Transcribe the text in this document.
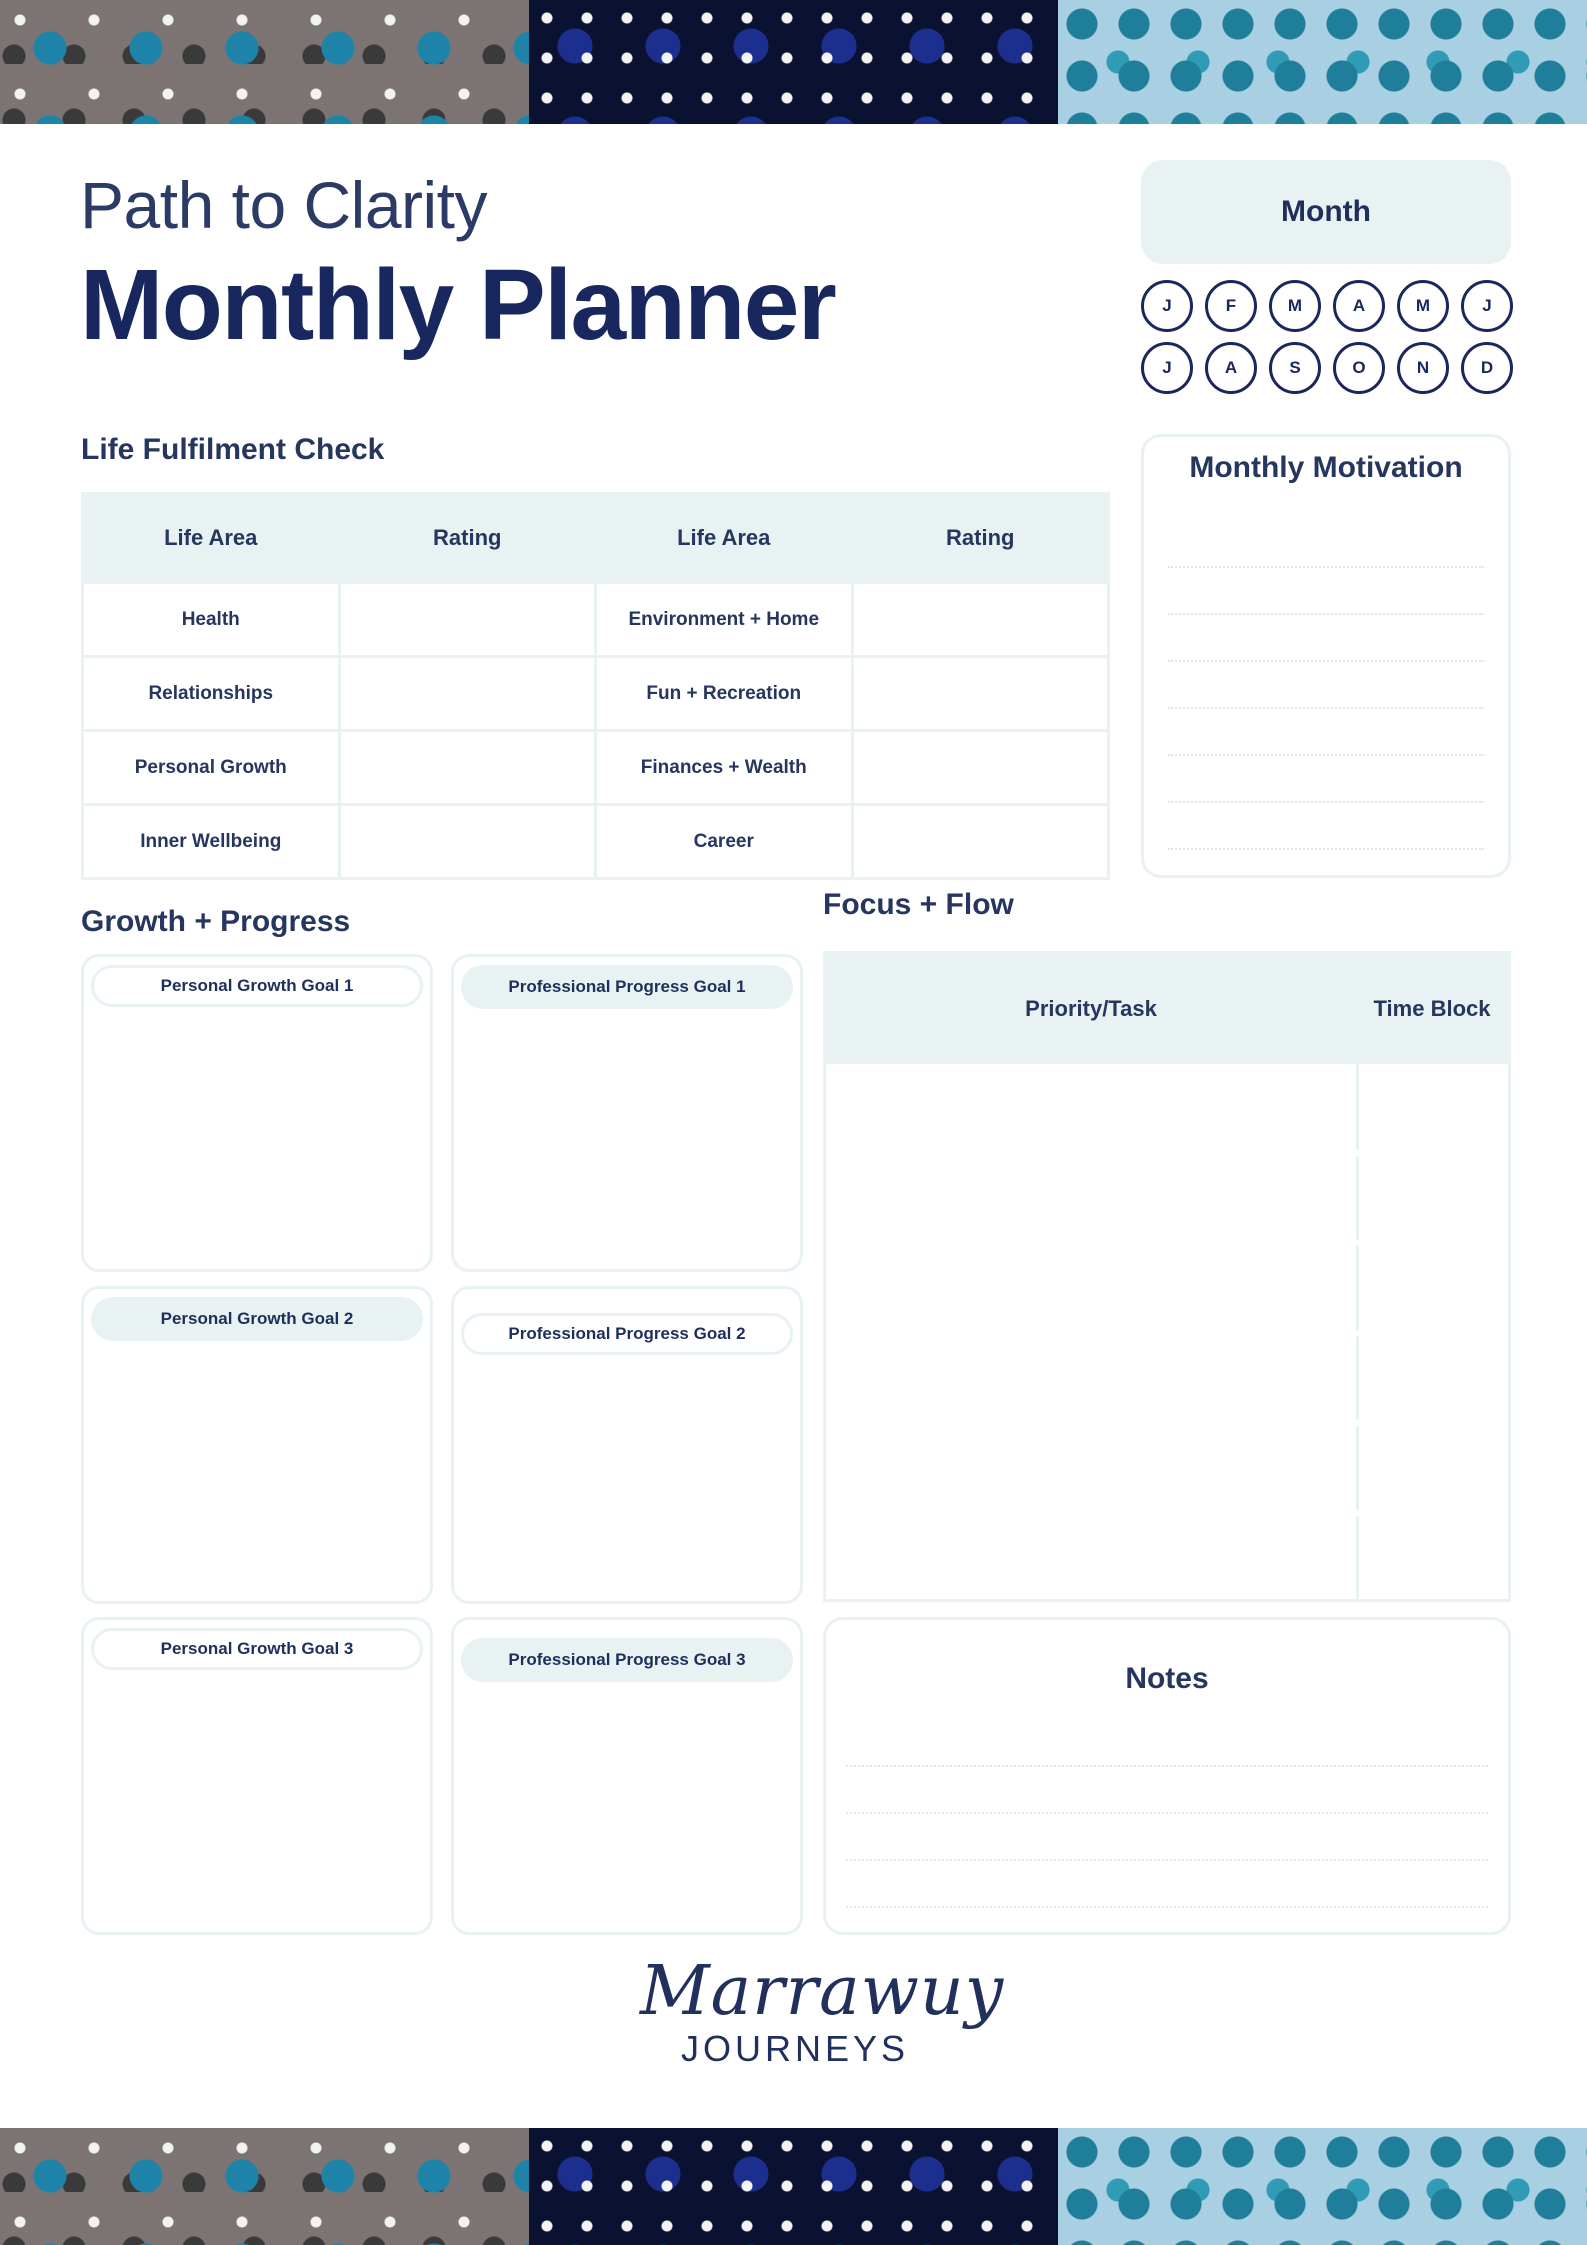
Path to Clarity
Monthly Planner
Month
J	F	M	A	M	J
J	A	S	O	N	D
Life Fulfilment Check
Life Area	Rating	Life Area	Rating
Health		Environment + Home	
Relationships		Fun + Recreation	
Personal Growth		Finances + Wealth	
Inner Wellbeing		Career	
Monthly Motivation
Growth + Progress
Personal Growth Goal 1	Professional Progress Goal 1
Personal Growth Goal 2
Professional Progress Goal 2
Personal Growth Goal 3
Professional Progress Goal 3
Focus + Flow
Priority/Task	Time Block
Notes
Marrawuy
JOURNEYS
